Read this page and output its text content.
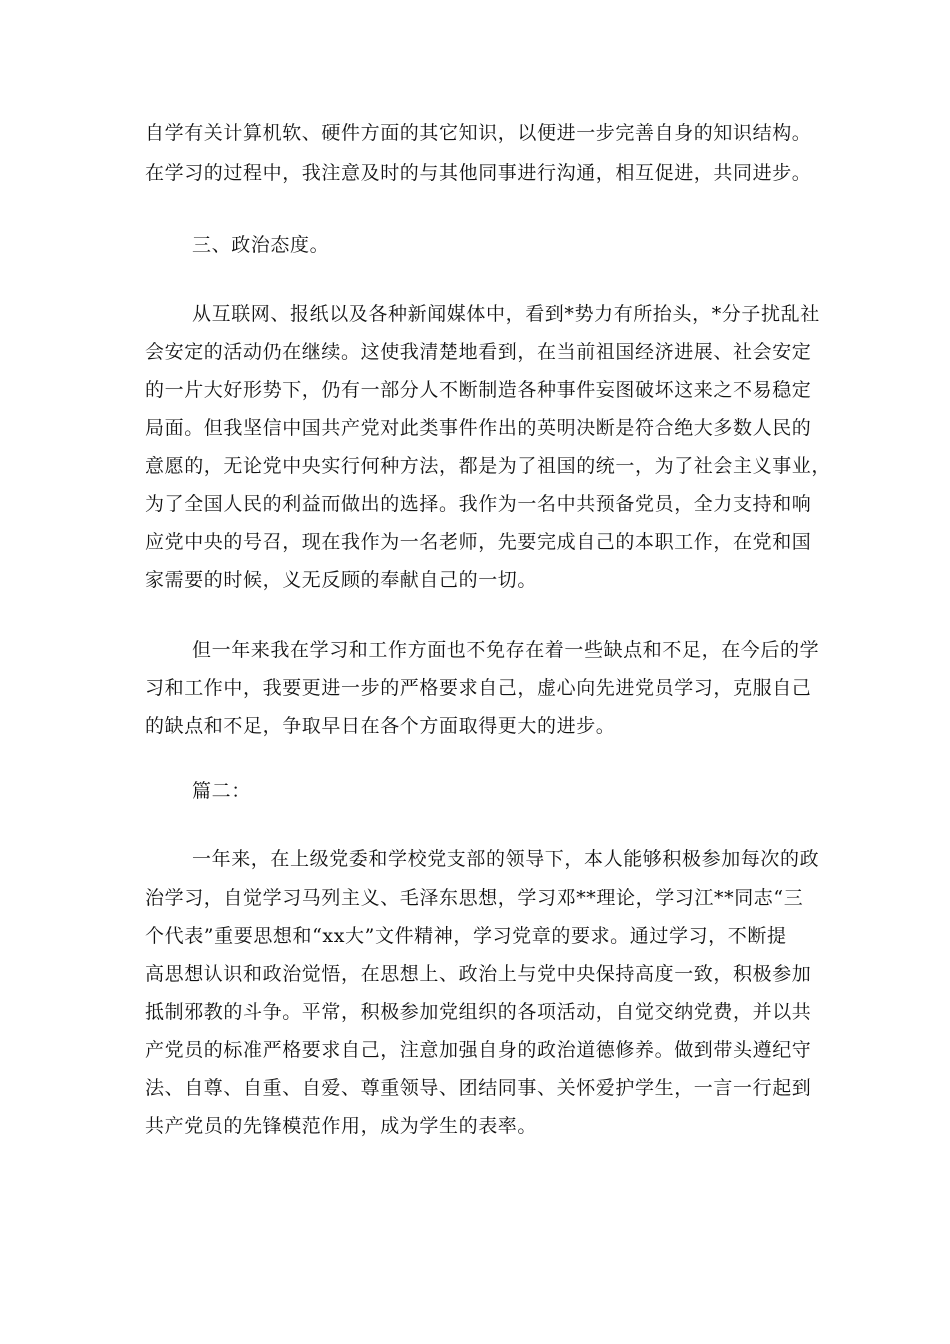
自学有关计算机软、硬件方面的其它知识，以便进一步完善自身的知识结构。
在学习的过程中，我注意及时的与其他同事进行沟通，相互促进，共同进步。
三、政治态度。
从互联网、报纸以及各种新闻媒体中，看到*势力有所抬头，*分子扰乱社
会安定的活动仍在继续。这使我清楚地看到，在当前祖国经济进展、社会安定
的一片大好形势下，仍有一部分人不断制造各种事件妄图破坏这来之不易稳定
局面。但我坚信中国共产党对此类事件作出的英明决断是符合绝大多数人民的
意愿的，无论党中央实行何种方法，都是为了祖国的统一，为了社会主义事业，
为了全国人民的利益而做出的选择。我作为一名中共预备党员，全力支持和响
应党中央的号召，现在我作为一名老师，先要完成自己的本职工作，在党和国
家需要的时候，义无反顾的奉献自己的一切。
但一年来我在学习和工作方面也不免存在着一些缺点和不足，在今后的学
习和工作中，我要更进一步的严格要求自己，虚心向先进党员学习，克服自己
的缺点和不足，争取早日在各个方面取得更大的进步。
篇二：
一年来，在上级党委和学校党支部的领导下，本人能够积极参加每次的政
治学习，自觉学习马列主义、毛泽东思想，学习邓**理论，学习江**同志“三
个代表”重要思想和“xx大”文件精神，学习党章的要求。通过学习，不断提
高思想认识和政治觉悟，在思想上、政治上与党中央保持高度一致，积极参加
抵制邪教的斗争。平常，积极参加党组织的各项活动，自觉交纳党费，并以共
产党员的标准严格要求自己，注意加强自身的政治道德修养。做到带头遵纪守
法、自尊、自重、自爱、尊重领导、团结同事、关怀爱护学生，一言一行起到
共产党员的先锋模范作用，成为学生的表率。
